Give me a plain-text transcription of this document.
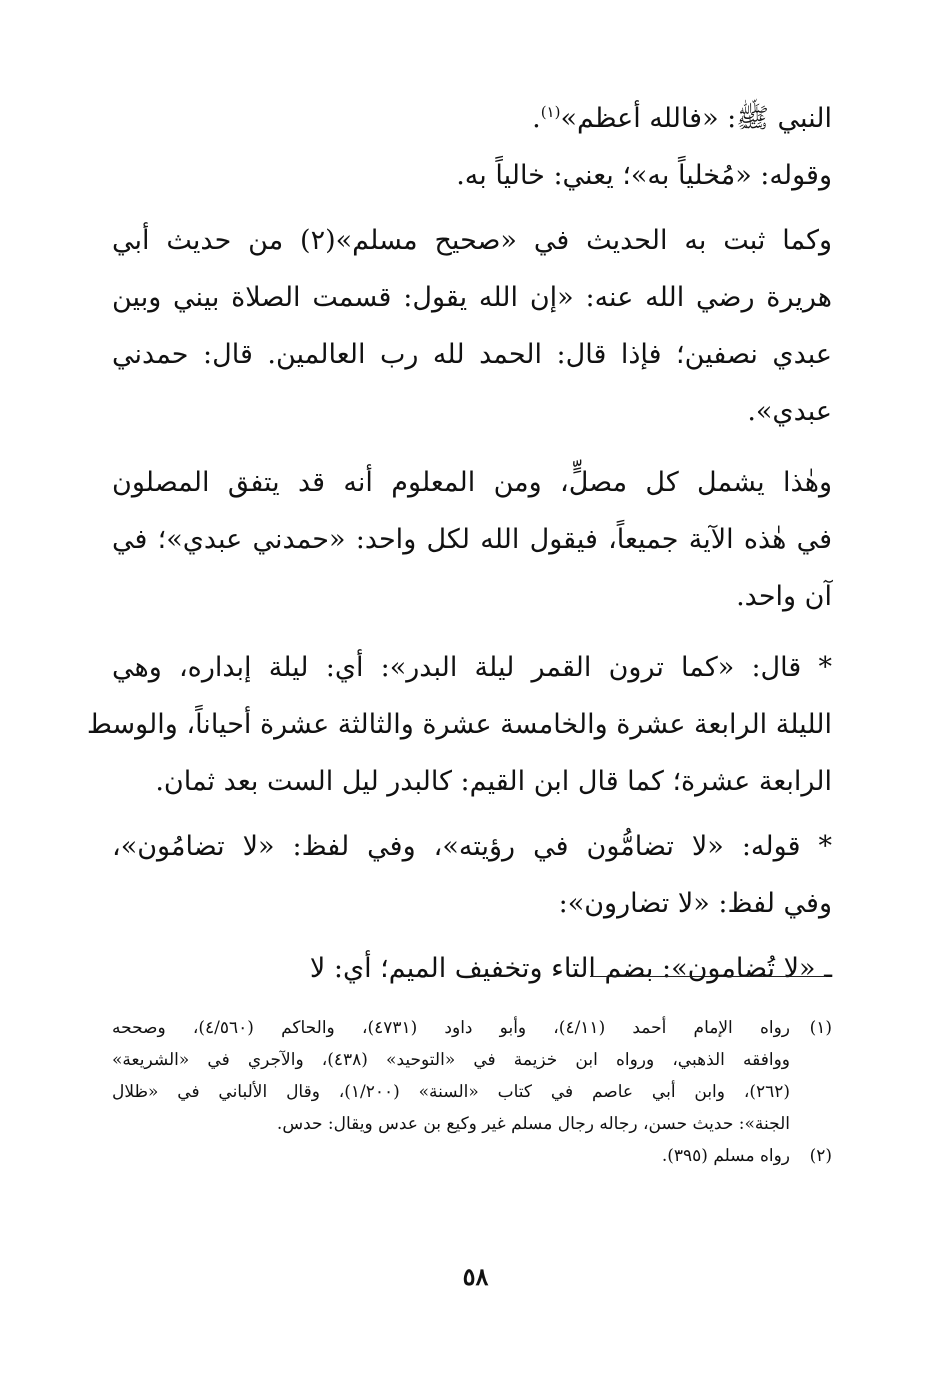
النبي ﷺ: «فالله أعظم»$^{(١)}$.
وقوله: «مُخلياً به»؛ يعني: خالياً به.
وكما ثبت به الحديث في «صحيح مسلم»(٢) من حديث أبي
هريرة رضي الله عنه: «إن الله يقول: قسمت الصلاة بيني وبين
عبدي نصفين؛ فإذا قال: الحمد لله رب العالمين. قال: حمدني
عبدي».
وهٰذا يشمل كل مصلٍّ، ومن المعلوم أنه قد يتفق المصلون
في هٰذه الآية جميعاً، فيقول الله لكل واحد: «حمدني عبدي»؛ في
آن واحد.
* قال: «كما ترون القمر ليلة البدر»: أي: ليلة إبداره، وهي
الليلة الرابعة عشرة والخامسة عشرة والثالثة عشرة أحياناً، والوسط
الرابعة عشرة؛ كما قال ابن القيم: كالبدر ليل الست بعد ثمان.
* قوله: «لا تضامُّون في رؤيته»، وفي لفظ: «لا تضامُون»،
وفي لفظ: «لا تضارون»:
ـ «لا تُضامون»: بضم التاء وتخفيف الميم؛ أي: لا
(١)
رواه الإمام أحمد (٤/١١)، وأبو داود (٤٧٣١)، والحاكم (٤/٥٦٠)، وصححه
ووافقه الذهبي، ورواه ابن خزيمة في «التوحيد» (٤٣٨)، والآجري في «الشريعة»
(٢٦٢)، وابن أبي عاصم في كتاب «السنة» (١/٢٠٠)، وقال الألباني في «ظلال
الجنة»: حديث حسن، رجاله رجال مسلم غير وكيع بن عدس ويقال: حدس.
(٢)
رواه مسلم (٣٩٥).
٥٨
